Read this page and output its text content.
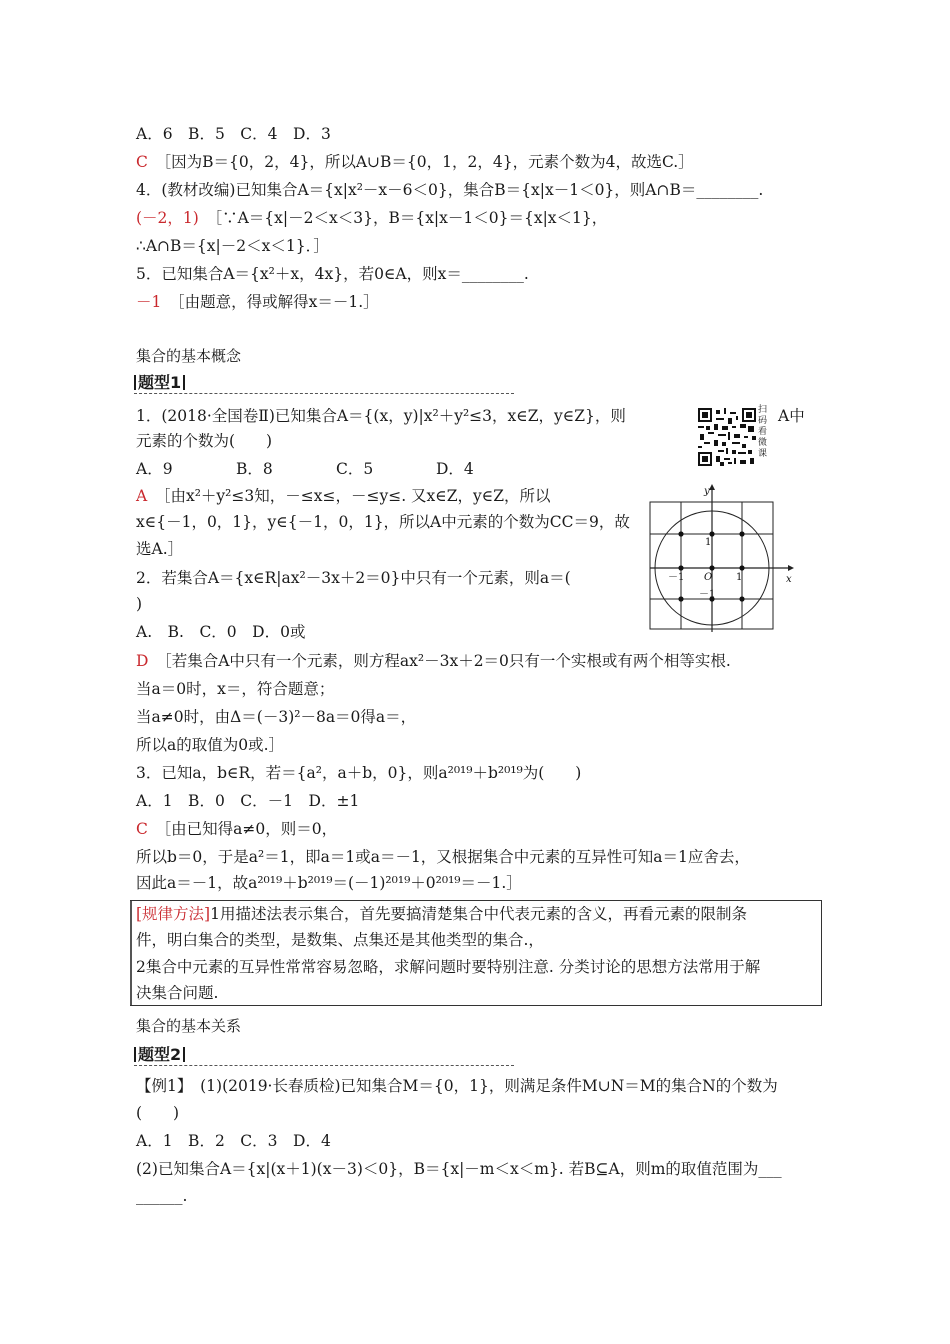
A．6　B．5　C．4　D．3
C　 ［因为B＝{0，2，4}，所以A∪B＝{0，1，2，4}，元素个数为4，故选C.］
4．(教材改编)已知集合A＝{x|x²－x－6＜0}，集合B＝{x|x－1＜0}，则A∩B＝________.
(－2，1)　 ［∵A＝{x|－2＜x＜3}，B＝{x|x－1＜0}＝{x|x＜1}，
∴A∩B＝{x|－2＜x＜1}．］
5．已知集合A＝{x²＋x，4x}，若0∈A，则x＝________.
－1　 ［由题意，得或解得x＝－1.］
集合的基本概念
题型1
1．(2018·全国卷Ⅱ)已知集合A＝{(x，y)|x²＋y²≤3，x∈Z，y∈Z}，则	A中
元素的个数为(　　)
A．9	B．8	C．5	D．4
扫码看微课
A　 ［由x²＋y²≤3知，－≤x≤，－≤y≤. 又x∈Z，y∈Z，所以
x∈{－1，0，1}，y∈{－1，0，1}，所以A中元素的个数为CC＝9，故
选A.］
x
y
O
－1	1
1
－1
2．若集合A＝{x∈R|ax²－3x＋2＝0}中只有一个元素，则a＝(
)
A.　B.　C．0　D．0或
D　 ［若集合A中只有一个元素，则方程ax²－3x＋2＝0只有一个实根或有两个相等实根.
当a＝0时，x＝，符合题意；
当a≠0时，由Δ＝(－3)²－8a＝0得a＝，
所以a的取值为0或.］
3．已知a，b∈R，若＝{a²，a＋b，0}，则a²⁰¹⁹＋b²⁰¹⁹为(　　)
A．1　B．0　C．－1　D．±1
C　 ［由已知得a≠0，则＝0，
所以b＝0，于是a²＝1，即a＝1或a＝－1，又根据集合中元素的互异性可知a＝1应舍去，
因此a＝－1，故a²⁰¹⁹＋b²⁰¹⁹＝(－1)²⁰¹⁹＋0²⁰¹⁹＝－1.］
[规律方法]1用描述法表示集合，首先要搞清楚集合中代表元素的含义，再看元素的限制条
件，明白集合的类型，是数集、点集还是其他类型的集合.，
2集合中元素的互异性常常容易忽略，求解问题时要特别注意. 分类讨论的思想方法常用于解
决集合问题.
集合的基本关系
题型2
【例1】　(1)(2019·长春质检)已知集合M＝{0，1}，则满足条件M∪N＝M的集合N的个数为
(　　)
A．1　B．2　C．3　D．4
(2)已知集合A＝{x|(x＋1)(x－3)＜0}，B＝{x|－m＜x＜m}. 若B⊆A，则m的取值范围为___
______.
